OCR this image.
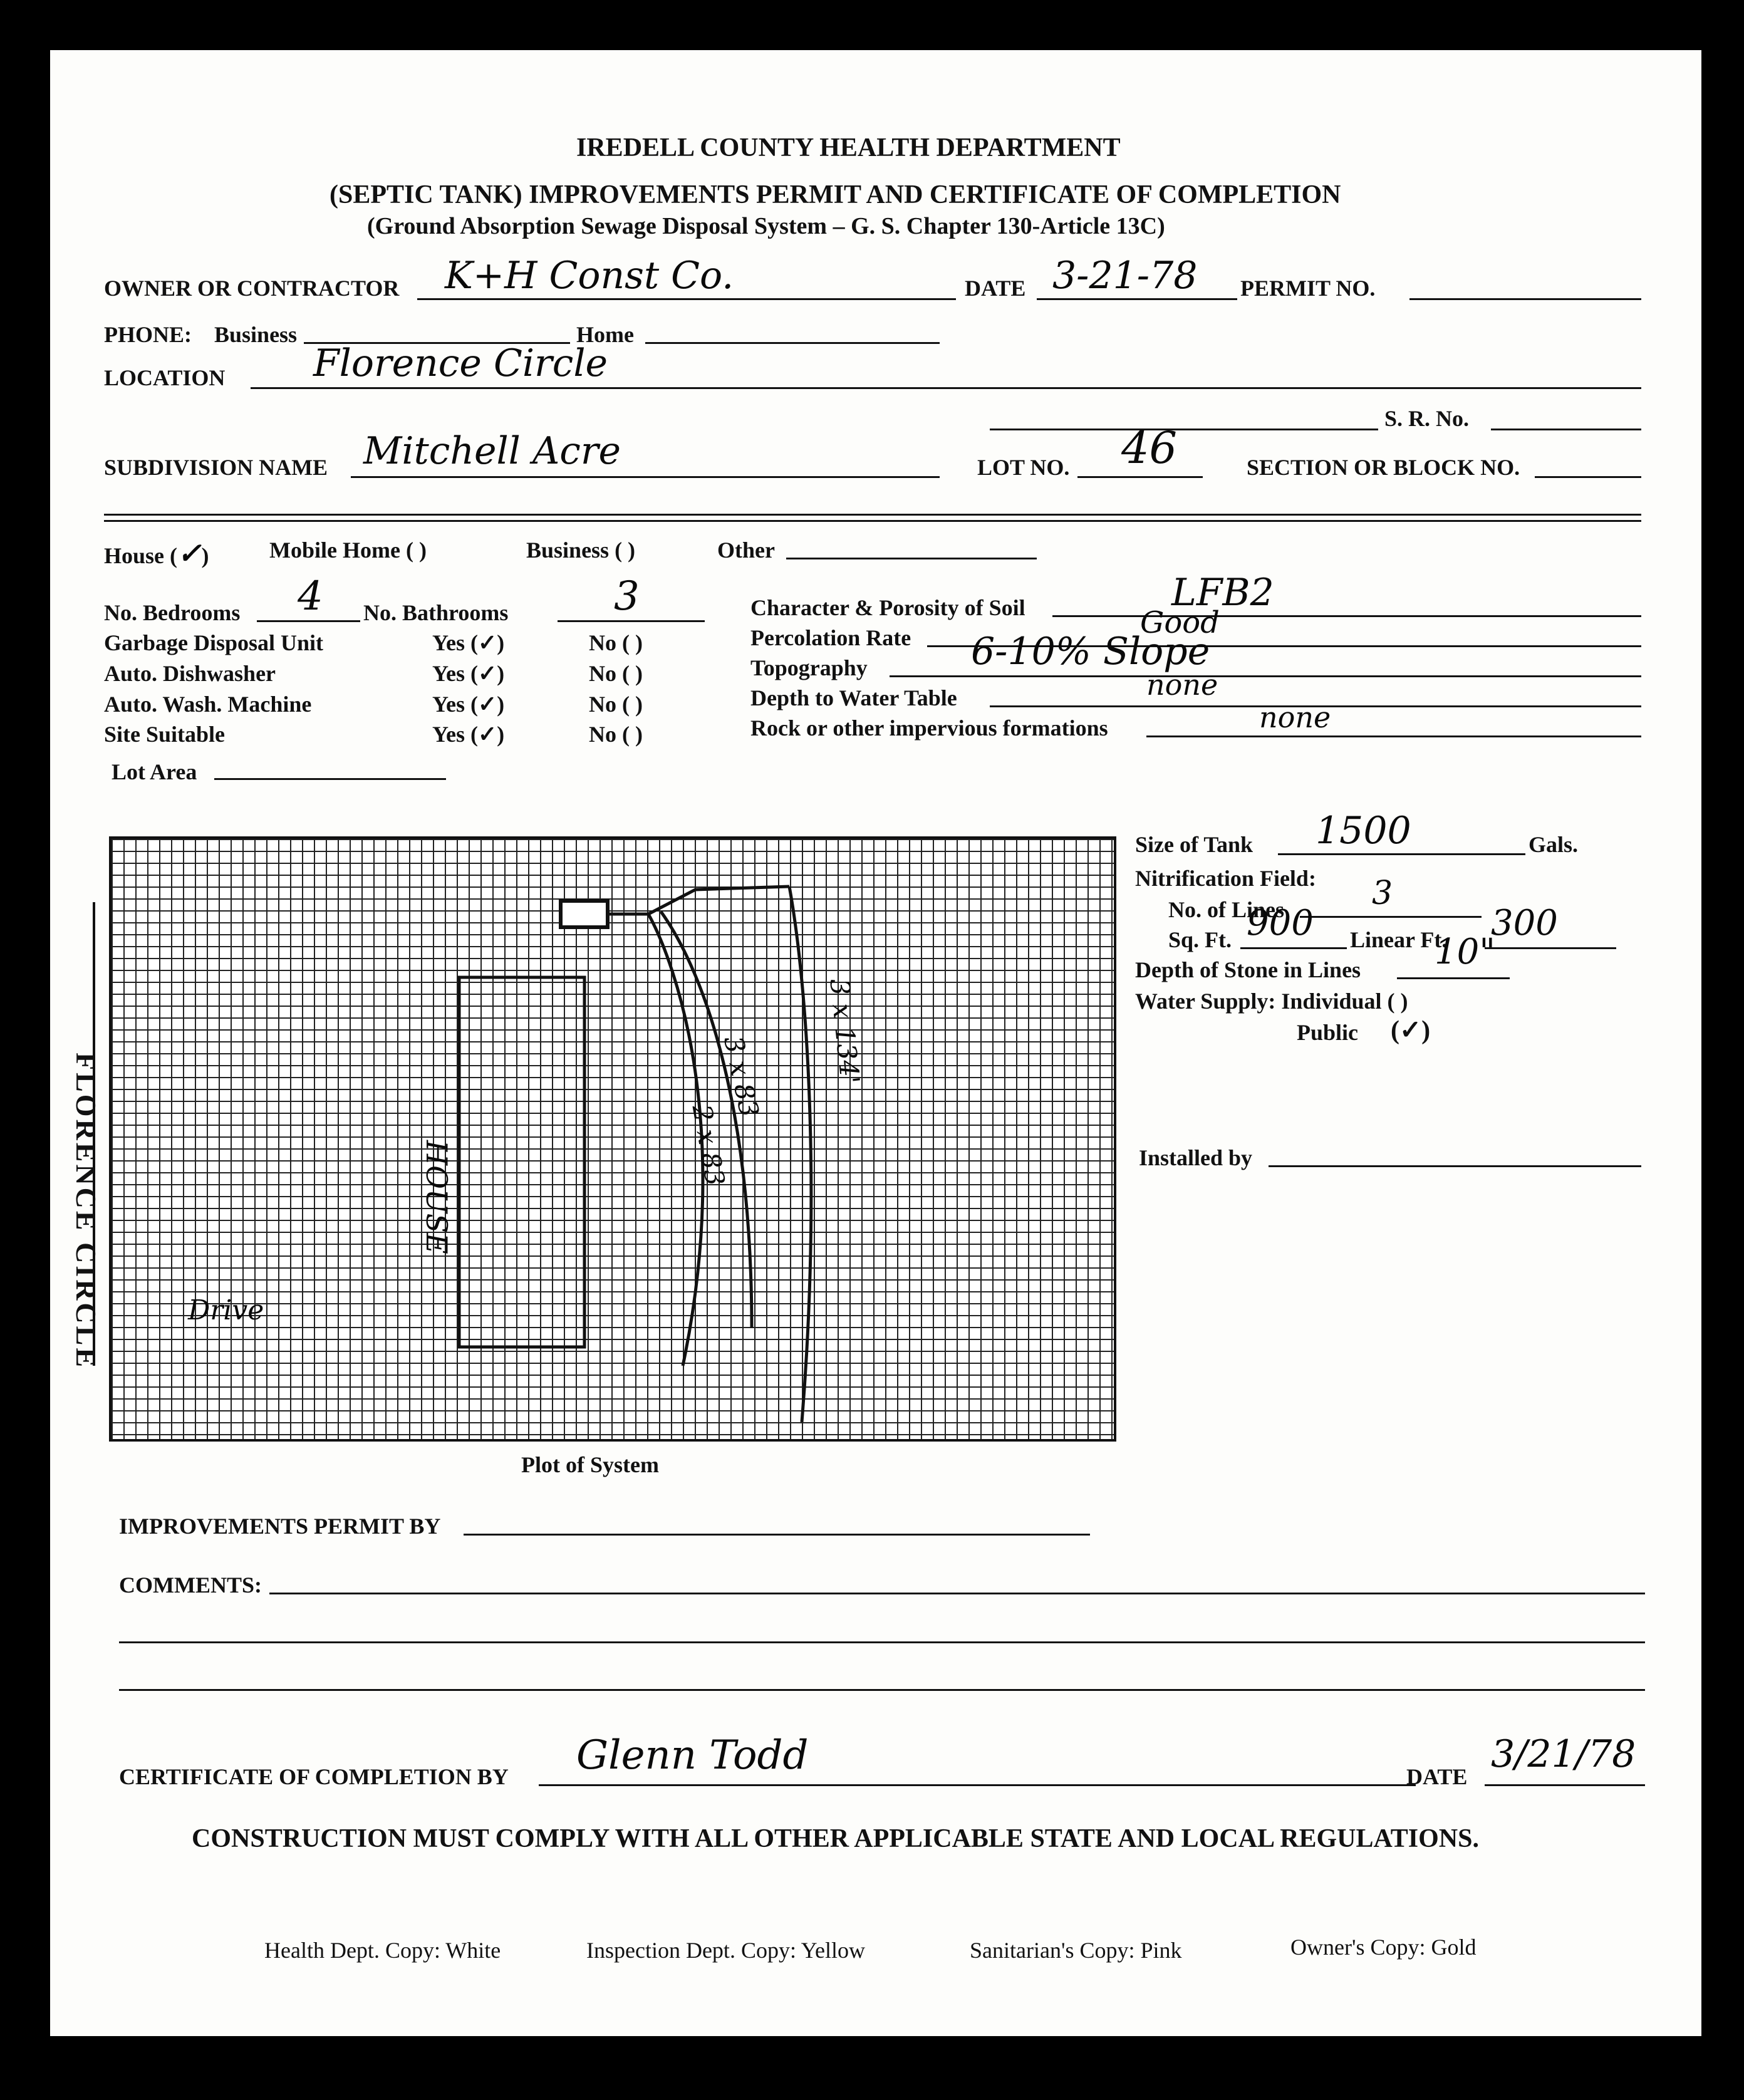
IREDELL COUNTY HEALTH DEPARTMENT
(SEPTIC TANK) IMPROVEMENTS PERMIT AND CERTIFICATE OF COMPLETION
(Ground Absorption Sewage Disposal System – G. S. Chapter 130-Article 13C)
OWNER OR CONTRACTOR K+H Const Co.	DATE 3-21-78 PERMIT NO.
PHONE: Business	Home
LOCATION Florence Circle
S. R. No.
SUBDIVISION NAME Mitchell Acre	LOT NO. 46	SECTION OR BLOCK NO.
House (✓)	Mobile Home ( )	Business ( )	Other
No. Bedrooms 4 No. Bathrooms	3
Garbage Disposal Unit	Yes (✓)	No ( )
Auto. Dishwasher	Yes (✓)	No ( )
Auto. Wash. Machine	Yes (✓)	No ( )
Site Suitable	Yes (✓)	No ( )
Lot Area
Character & Porosity of Soil	LFB2
Percolation Rate	Good
Topography	6-10% Slope
Depth to Water Table	none
Rock or other impervious formations	none
Size of Tank 1500	Gals.
Nitrification Field:
No. of Lines	3
Sq. Ft. 900 Linear Ft. 300
Depth of Stone in Lines 10"
Water Supply: Individual ( )
Public (✓)
Installed by
FLORENCE CIRCLE	HOUSE
Drive
3 x 83
2 x 83
3 x 134'
Plot of System
IMPROVEMENTS PERMIT BY
COMMENTS:
CERTIFICATE OF COMPLETION BY Glenn Todd	DATE
3/21/78
CONSTRUCTION MUST COMPLY WITH ALL OTHER APPLICABLE STATE AND LOCAL REGULATIONS.
Health Dept. Copy: White	Inspection Dept. Copy: Yellow	Sanitarian's Copy: Pink	Owner's Copy: Gold
